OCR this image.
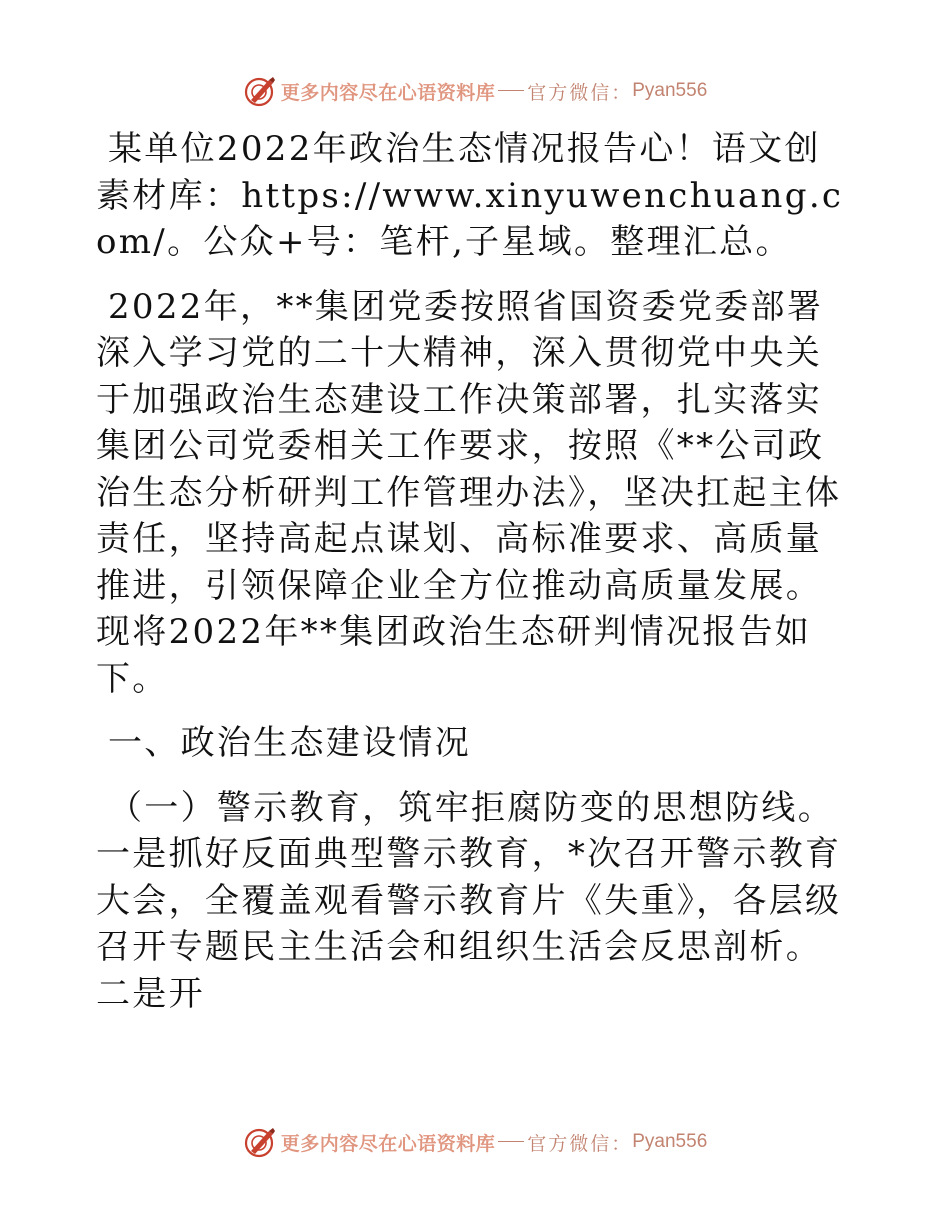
更多内容尽在心语资料库 官方微信： Pyan556

某单位2022年政治生态情况报告心！语文创素材库：https://www.xinyuwenchuang.com/。公众+号：笔杆,子星域。整理汇总。

2022年，**集团党委按照省国资委党委部署深入学习党的二十大精神，深入贯彻党中央关于加强政治生态建设工作决策部署，扎实落实集团公司党委相关工作要求，按照《**公司政治生态分析研判工作管理办法》，坚决扛起主体责任，坚持高起点谋划、高标准要求、高质量推进，引领保障企业全方位推动高质量发展。现将2022年**集团政治生态研判情况报告如下。

一、政治生态建设情况

（一）警示教育，筑牢拒腐防变的思想防线。一是抓好反面典型警示教育，*次召开警示教育大会，全覆盖观看警示教育片《失重》，各层级召开专题民主生活会和组织生活会反思剖析。二是开

更多内容尽在心语资料库 官方微信： Pyan556
